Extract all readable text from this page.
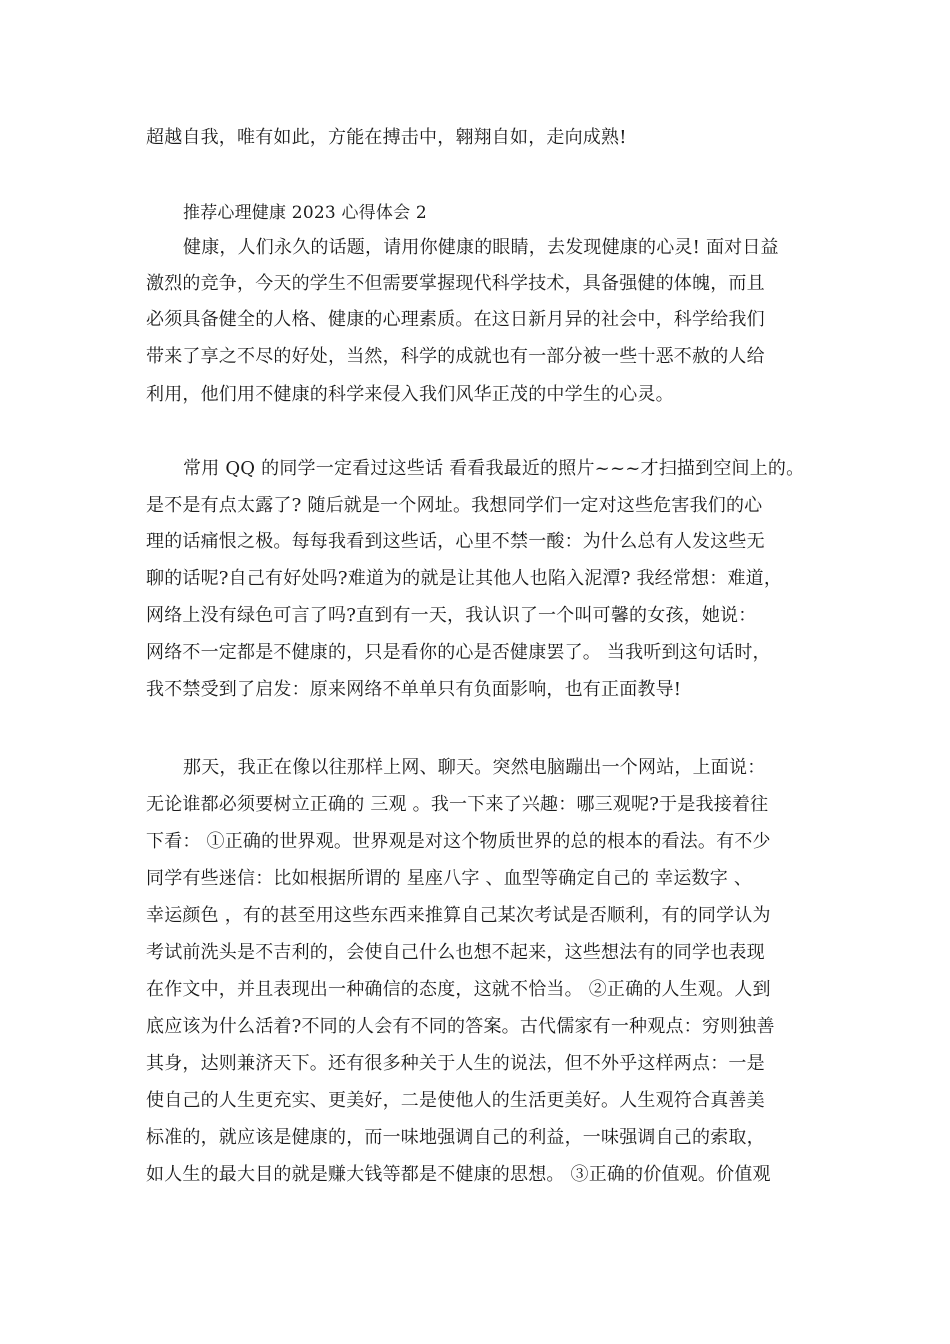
超越自我，唯有如此，方能在搏击中，翱翔自如，走向成熟!
推荐心理健康 2023 心得体会 2
健康，人们永久的话题，请用你健康的眼睛，去发现健康的心灵! 面对日益
激烈的竞争，今天的学生不但需要掌握现代科学技术，具备强健的体魄，而且
必须具备健全的人格、健康的心理素质。在这日新月异的社会中，科学给我们
带来了享之不尽的好处，当然，科学的成就也有一部分被一些十恶不赦的人给
利用，他们用不健康的科学来侵入我们风华正茂的中学生的心灵。
常用 QQ 的同学一定看过这些话 看看我最近的照片~~~才扫描到空间上的。
是不是有点太露了? 随后就是一个网址。我想同学们一定对这些危害我们的心
理的话痛恨之极。每每我看到这些话，心里不禁一酸：为什么总有人发这些无
聊的话呢?自己有好处吗?难道为的就是让其他人也陷入泥潭? 我经常想：难道，
网络上没有绿色可言了吗?直到有一天，我认识了一个叫可馨的女孩，她说：
网络不一定都是不健康的，只是看你的心是否健康罢了。 当我听到这句话时，
我不禁受到了启发：原来网络不单单只有负面影响，也有正面教导!
那天，我正在像以往那样上网、聊天。突然电脑蹦出一个网站，上面说：
无论谁都必须要树立正确的 三观 。我一下来了兴趣：哪三观呢?于是我接着往
下看： ①正确的世界观。世界观是对这个物质世界的总的根本的看法。有不少
同学有些迷信：比如根据所谓的 星座八字 、血型等确定自己的 幸运数字 、
幸运颜色 ，有的甚至用这些东西来推算自己某次考试是否顺利，有的同学认为
考试前洗头是不吉利的，会使自己什么也想不起来，这些想法有的同学也表现
在作文中，并且表现出一种确信的态度，这就不恰当。 ②正确的人生观。人到
底应该为什么活着?不同的人会有不同的答案。古代儒家有一种观点：穷则独善
其身，达则兼济天下。还有很多种关于人生的说法，但不外乎这样两点：一是
使自己的人生更充实、更美好，二是使他人的生活更美好。人生观符合真善美
标准的，就应该是健康的，而一味地强调自己的利益，一味强调自己的索取，
如人生的最大目的就是赚大钱等都是不健康的思想。 ③正确的价值观。价值观
